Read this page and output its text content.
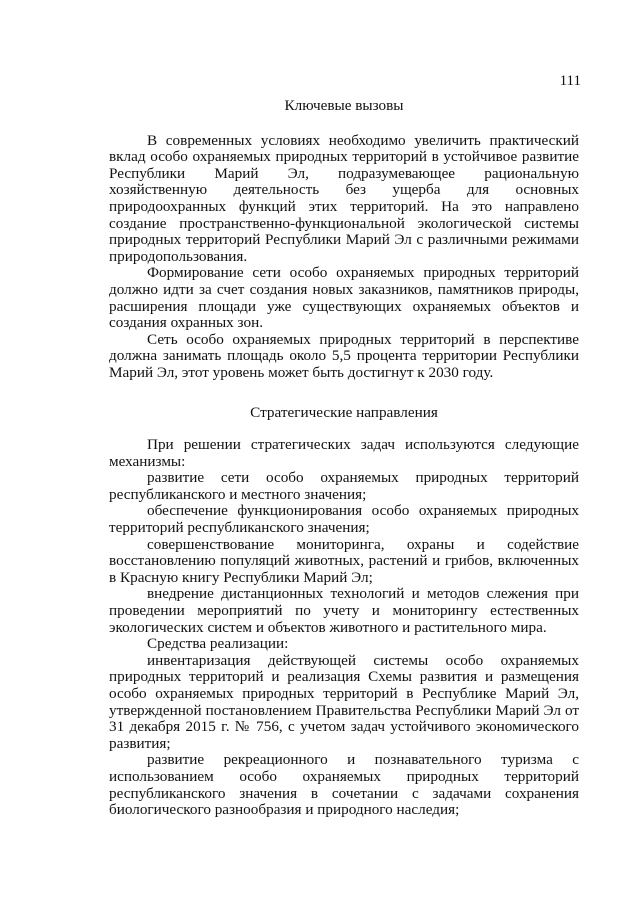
111

Ключевые вызовы

В современных условиях необходимо увеличить практический вклад особо охраняемых природных территорий в устойчивое развитие Республики Марий Эл, подразумевающее рациональную хозяйственную деятельность без ущерба для основных природоохранных функций этих территорий. На это направлено создание пространственно-функциональной экологической системы природных территорий Республики Марий Эл с различными режимами природопользования.

Формирование сети особо охраняемых природных территорий должно идти за счет создания новых заказников, памятников природы, расширения площади уже существующих охраняемых объектов и создания охранных зон.

Сеть особо охраняемых природных территорий в перспективе должна занимать площадь около 5,5 процента территории Республики Марий Эл, этот уровень может быть достигнут к 2030 году.

Стратегические направления

При решении стратегических задач используются следующие механизмы:

развитие сети особо охраняемых природных территорий республиканского и местного значения;

обеспечение функционирования особо охраняемых природных территорий республиканского значения;

совершенствование мониторинга, охраны и содействие восстановлению популяций животных, растений и грибов, включенных в Красную книгу Республики Марий Эл;

внедрение дистанционных технологий и методов слежения при проведении мероприятий по учету и мониторингу естественных экологических систем и объектов животного и растительного мира.

Средства реализации:

инвентаризация действующей системы особо охраняемых природных территорий и реализация Схемы развития и размещения особо охраняемых природных территорий в Республике Марий Эл, утвержденной постановлением Правительства Республики Марий Эл от 31 декабря 2015 г. № 756, с учетом задач устойчивого экономического развития;

развитие рекреационного и познавательного туризма с использованием особо охраняемых природных территорий республиканского значения в сочетании с задачами сохранения биологического разнообразия и природного наследия;
